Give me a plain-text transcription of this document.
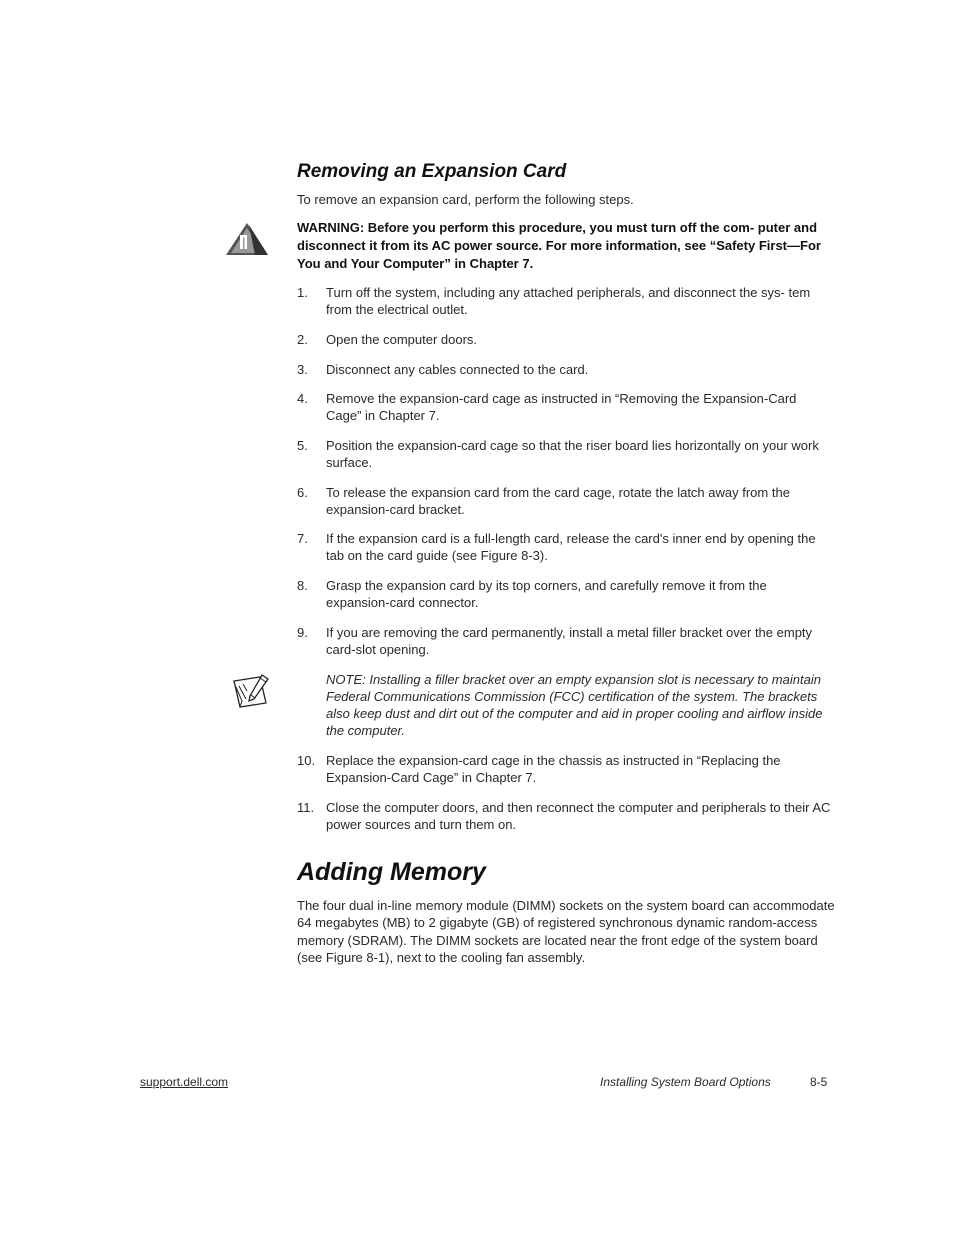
Removing an Expansion Card

To remove an expansion card, perform the following steps.

WARNING: Before you perform this procedure, you must turn off the com- puter and disconnect it from its AC power source. For more information, see “Safety First—For You and Your Computer” in Chapter 7.

1. Turn off the system, including any attached peripherals, and disconnect the sys- tem from the electrical outlet.
2. Open the computer doors.
3. Disconnect any cables connected to the card.
4. Remove the expansion-card cage as instructed in “Removing the Expansion-Card Cage” in Chapter 7.
5. Position the expansion-card cage so that the riser board lies horizontally on your work surface.
6. To release the expansion card from the card cage, rotate the latch away from the expansion-card bracket.
7. If the expansion card is a full-length card, release the card's inner end by opening the tab on the card guide (see Figure 8-3).
8. Grasp the expansion card by its top corners, and carefully remove it from the expansion-card connector.
9. If you are removing the card permanently, install a metal filler bracket over the empty card-slot opening.

NOTE: Installing a filler bracket over an empty expansion slot is necessary to maintain Federal Communications Commission (FCC) certification of the system. The brackets also keep dust and dirt out of the computer and aid in proper cooling and airflow inside the computer.

10. Replace the expansion-card cage in the chassis as instructed in “Replacing the Expansion-Card Cage” in Chapter 7.
11. Close the computer doors, and then reconnect the computer and peripherals to their AC power sources and turn them on.
Adding Memory

The four dual in-line memory module (DIMM) sockets on the system board can accommodate 64 megabytes (MB) to 2 gigabyte (GB) of registered synchronous dynamic random-access memory (SDRAM). The DIMM sockets are located near the front edge of the system board (see Figure 8-1), next to the cooling fan assembly.

support.dell.com	Installing System Board Options	8-5
